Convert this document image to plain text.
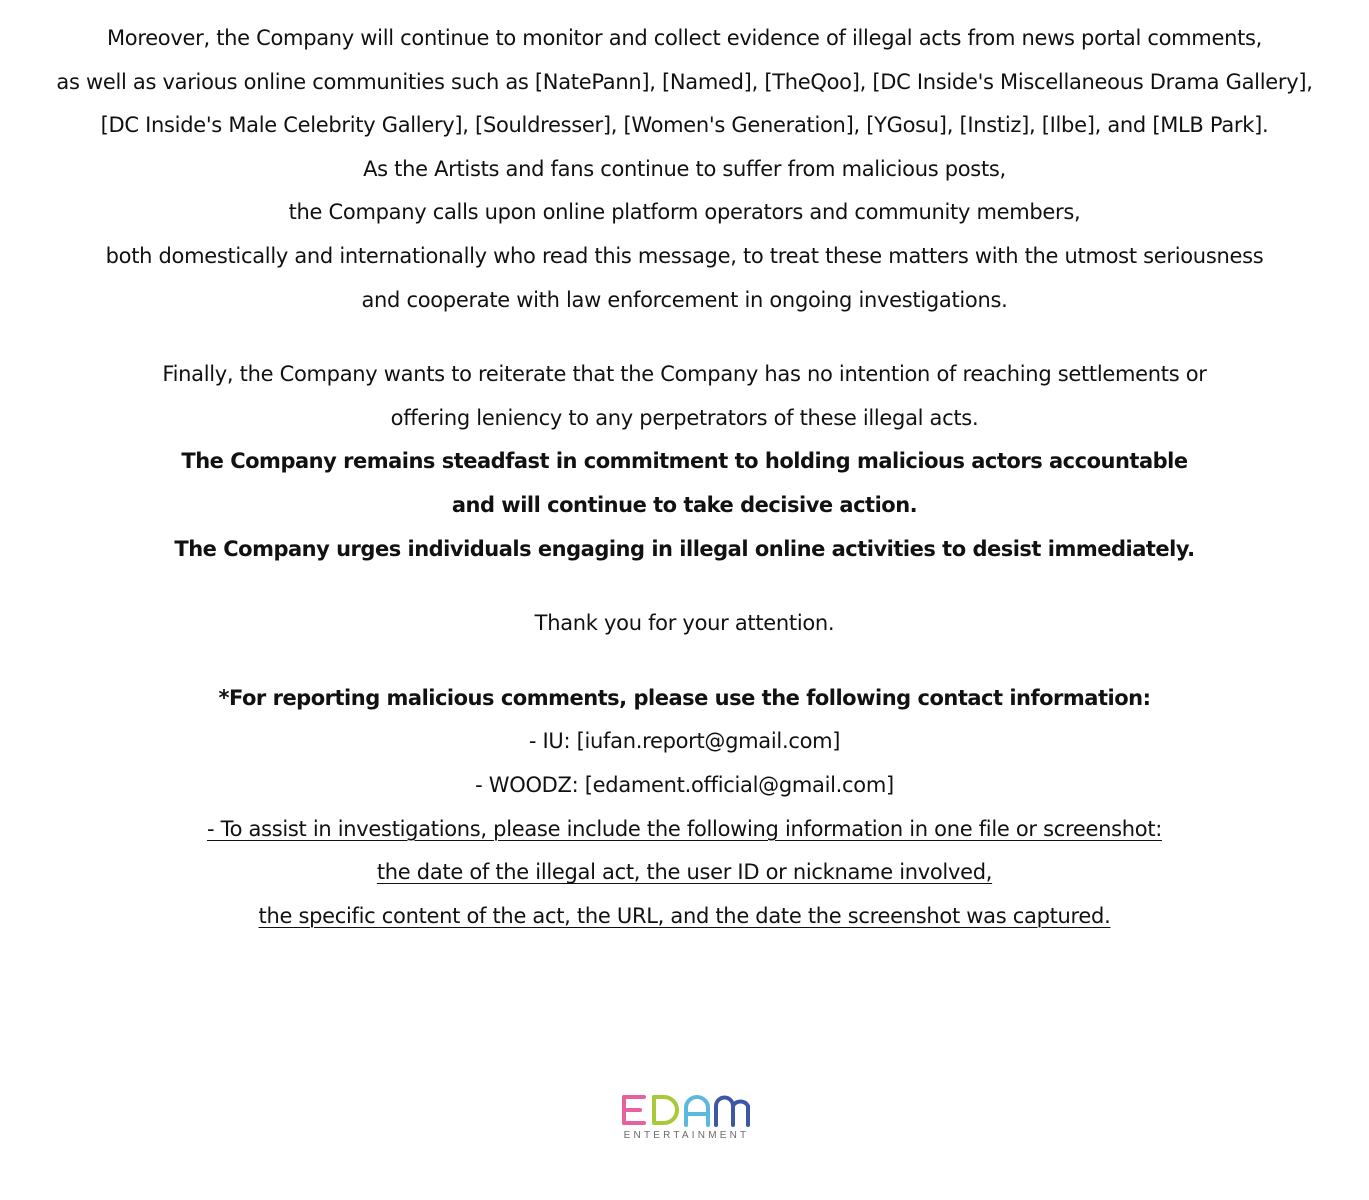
Moreover, the Company will continue to monitor and collect evidence of illegal acts from news portal comments,
as well as various online communities such as [NatePann], [Named], [TheQoo], [DC Inside's Miscellaneous Drama Gallery],
[DC Inside's Male Celebrity Gallery], [Souldresser], [Women's Generation], [YGosu], [Instiz], [Ilbe], and [MLB Park].
As the Artists and fans continue to suffer from malicious posts,
the Company calls upon online platform operators and community members,
both domestically and internationally who read this message, to treat these matters with the utmost seriousness
and cooperate with law enforcement in ongoing investigations.
Finally, the Company wants to reiterate that the Company has no intention of reaching settlements or
offering leniency to any perpetrators of these illegal acts.
The Company remains steadfast in commitment to holding malicious actors accountable
and will continue to take decisive action.
The Company urges individuals engaging in illegal online activities to desist immediately.
Thank you for your attention.
*For reporting malicious comments, please use the following contact information:
- IU: [iufan.report@gmail.com]
- WOODZ: [edament.official@gmail.com]
- To assist in investigations, please include the following information in one file or screenshot:
the date of the illegal act, the user ID or nickname involved,
the specific content of the act, the URL, and the date the screenshot was captured.
ENTERTAINMENT
